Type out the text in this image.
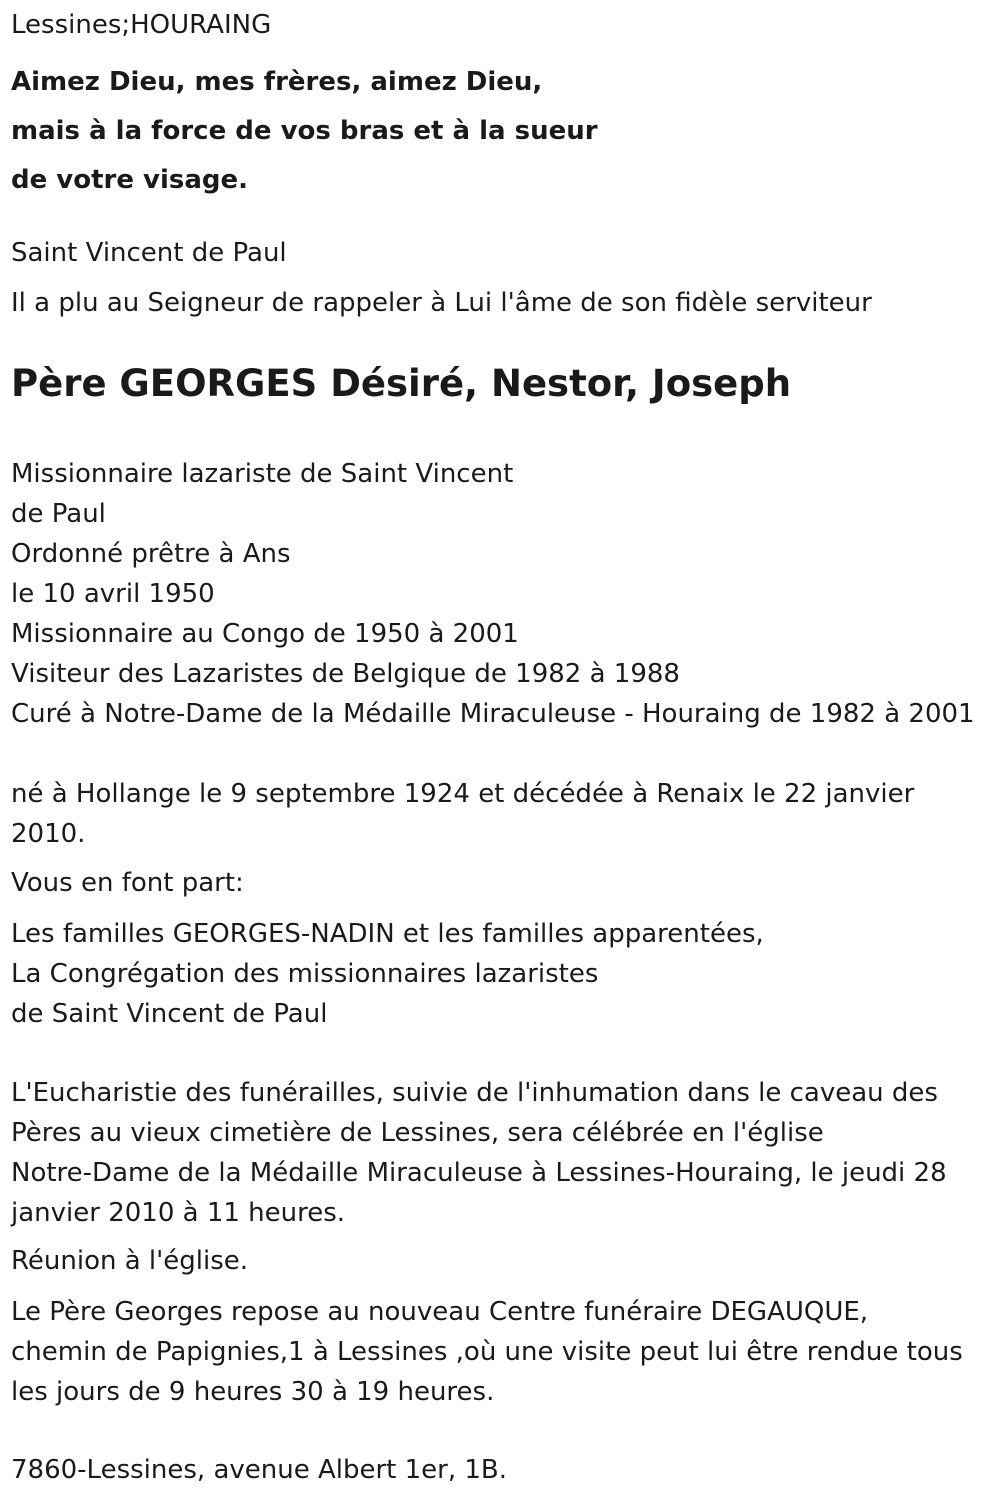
Lessines;HOURAING
Aimez Dieu, mes frères, aimez Dieu,
mais à la force de vos bras et à la sueur
de votre visage.
Saint Vincent de Paul
Il a plu au Seigneur de rappeler à Lui l'âme de son fidèle serviteur
Père GEORGES Désiré, Nestor, Joseph
Missionnaire lazariste de Saint Vincent
de Paul
Ordonné prêtre à Ans
le 10 avril 1950
Missionnaire au Congo de 1950 à 2001
Visiteur des Lazaristes de Belgique de 1982 à 1988
Curé à Notre-Dame de la Médaille Miraculeuse - Houraing de 1982 à 2001
né à Hollange le 9 septembre 1924 et décédée à Renaix le 22 janvier
2010.
Vous en font part:
Les familles GEORGES-NADIN et les familles apparentées,
La Congrégation des missionnaires lazaristes
de Saint Vincent de Paul
L'Eucharistie des funérailles, suivie de l'inhumation dans le caveau des
Pères au vieux cimetière de Lessines, sera célébrée en l'église
Notre-Dame de la Médaille Miraculeuse à Lessines-Houraing, le jeudi 28
janvier 2010 à 11 heures.
Réunion à l'église.
Le Père Georges repose au nouveau Centre funéraire DEGAUQUE,
chemin de Papignies,1 à Lessines ,où une visite peut lui être rendue tous
les jours de 9 heures 30 à 19 heures.
7860-Lessines, avenue Albert 1er, 1B.
